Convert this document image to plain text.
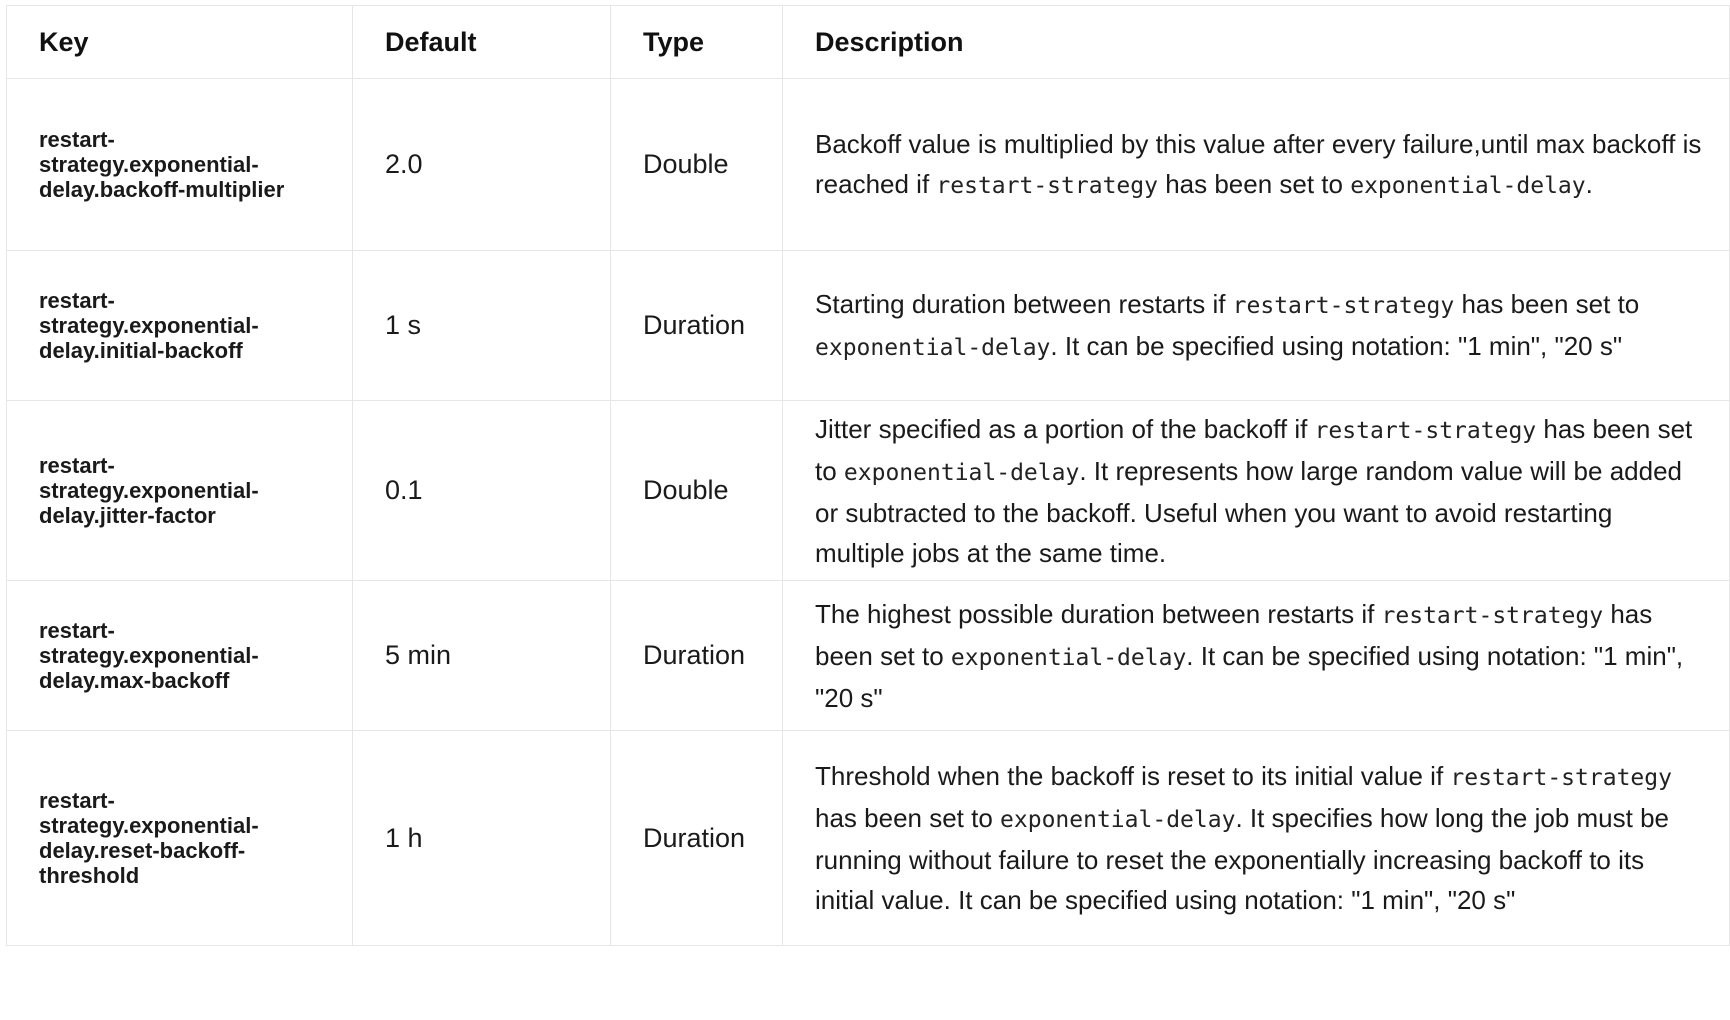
Key	Default	Type	Description

restart-strategy.exponential-delay.backoff-multiplier	2.0	Double	Backoff value is multiplied by this value after every failure,until max backoff is reached if restart-strategy has been set to exponential-delay.

restart-strategy.exponential-delay.initial-backoff	1 s	Duration	Starting duration between restarts if restart-strategy has been set to exponential-delay. It can be specified using notation: "1 min", "20 s"

restart-strategy.exponential-delay.jitter-factor	0.1	Double	Jitter specified as a portion of the backoff if restart-strategy has been set to exponential-delay. It represents how large random value will be added or subtracted to the backoff. Useful when you want to avoid restarting multiple jobs at the same time.

restart-strategy.exponential-delay.max-backoff	5 min	Duration	The highest possible duration between restarts if restart-strategy has been set to exponential-delay. It can be specified using notation: "1 min", "20 s"

restart-strategy.exponential-delay.reset-backoff-threshold	1 h	Duration	Threshold when the backoff is reset to its initial value if restart-strategy has been set to exponential-delay. It specifies how long the job must be running without failure to reset the exponentially increasing backoff to its initial value. It can be specified using notation: "1 min", "20 s"
